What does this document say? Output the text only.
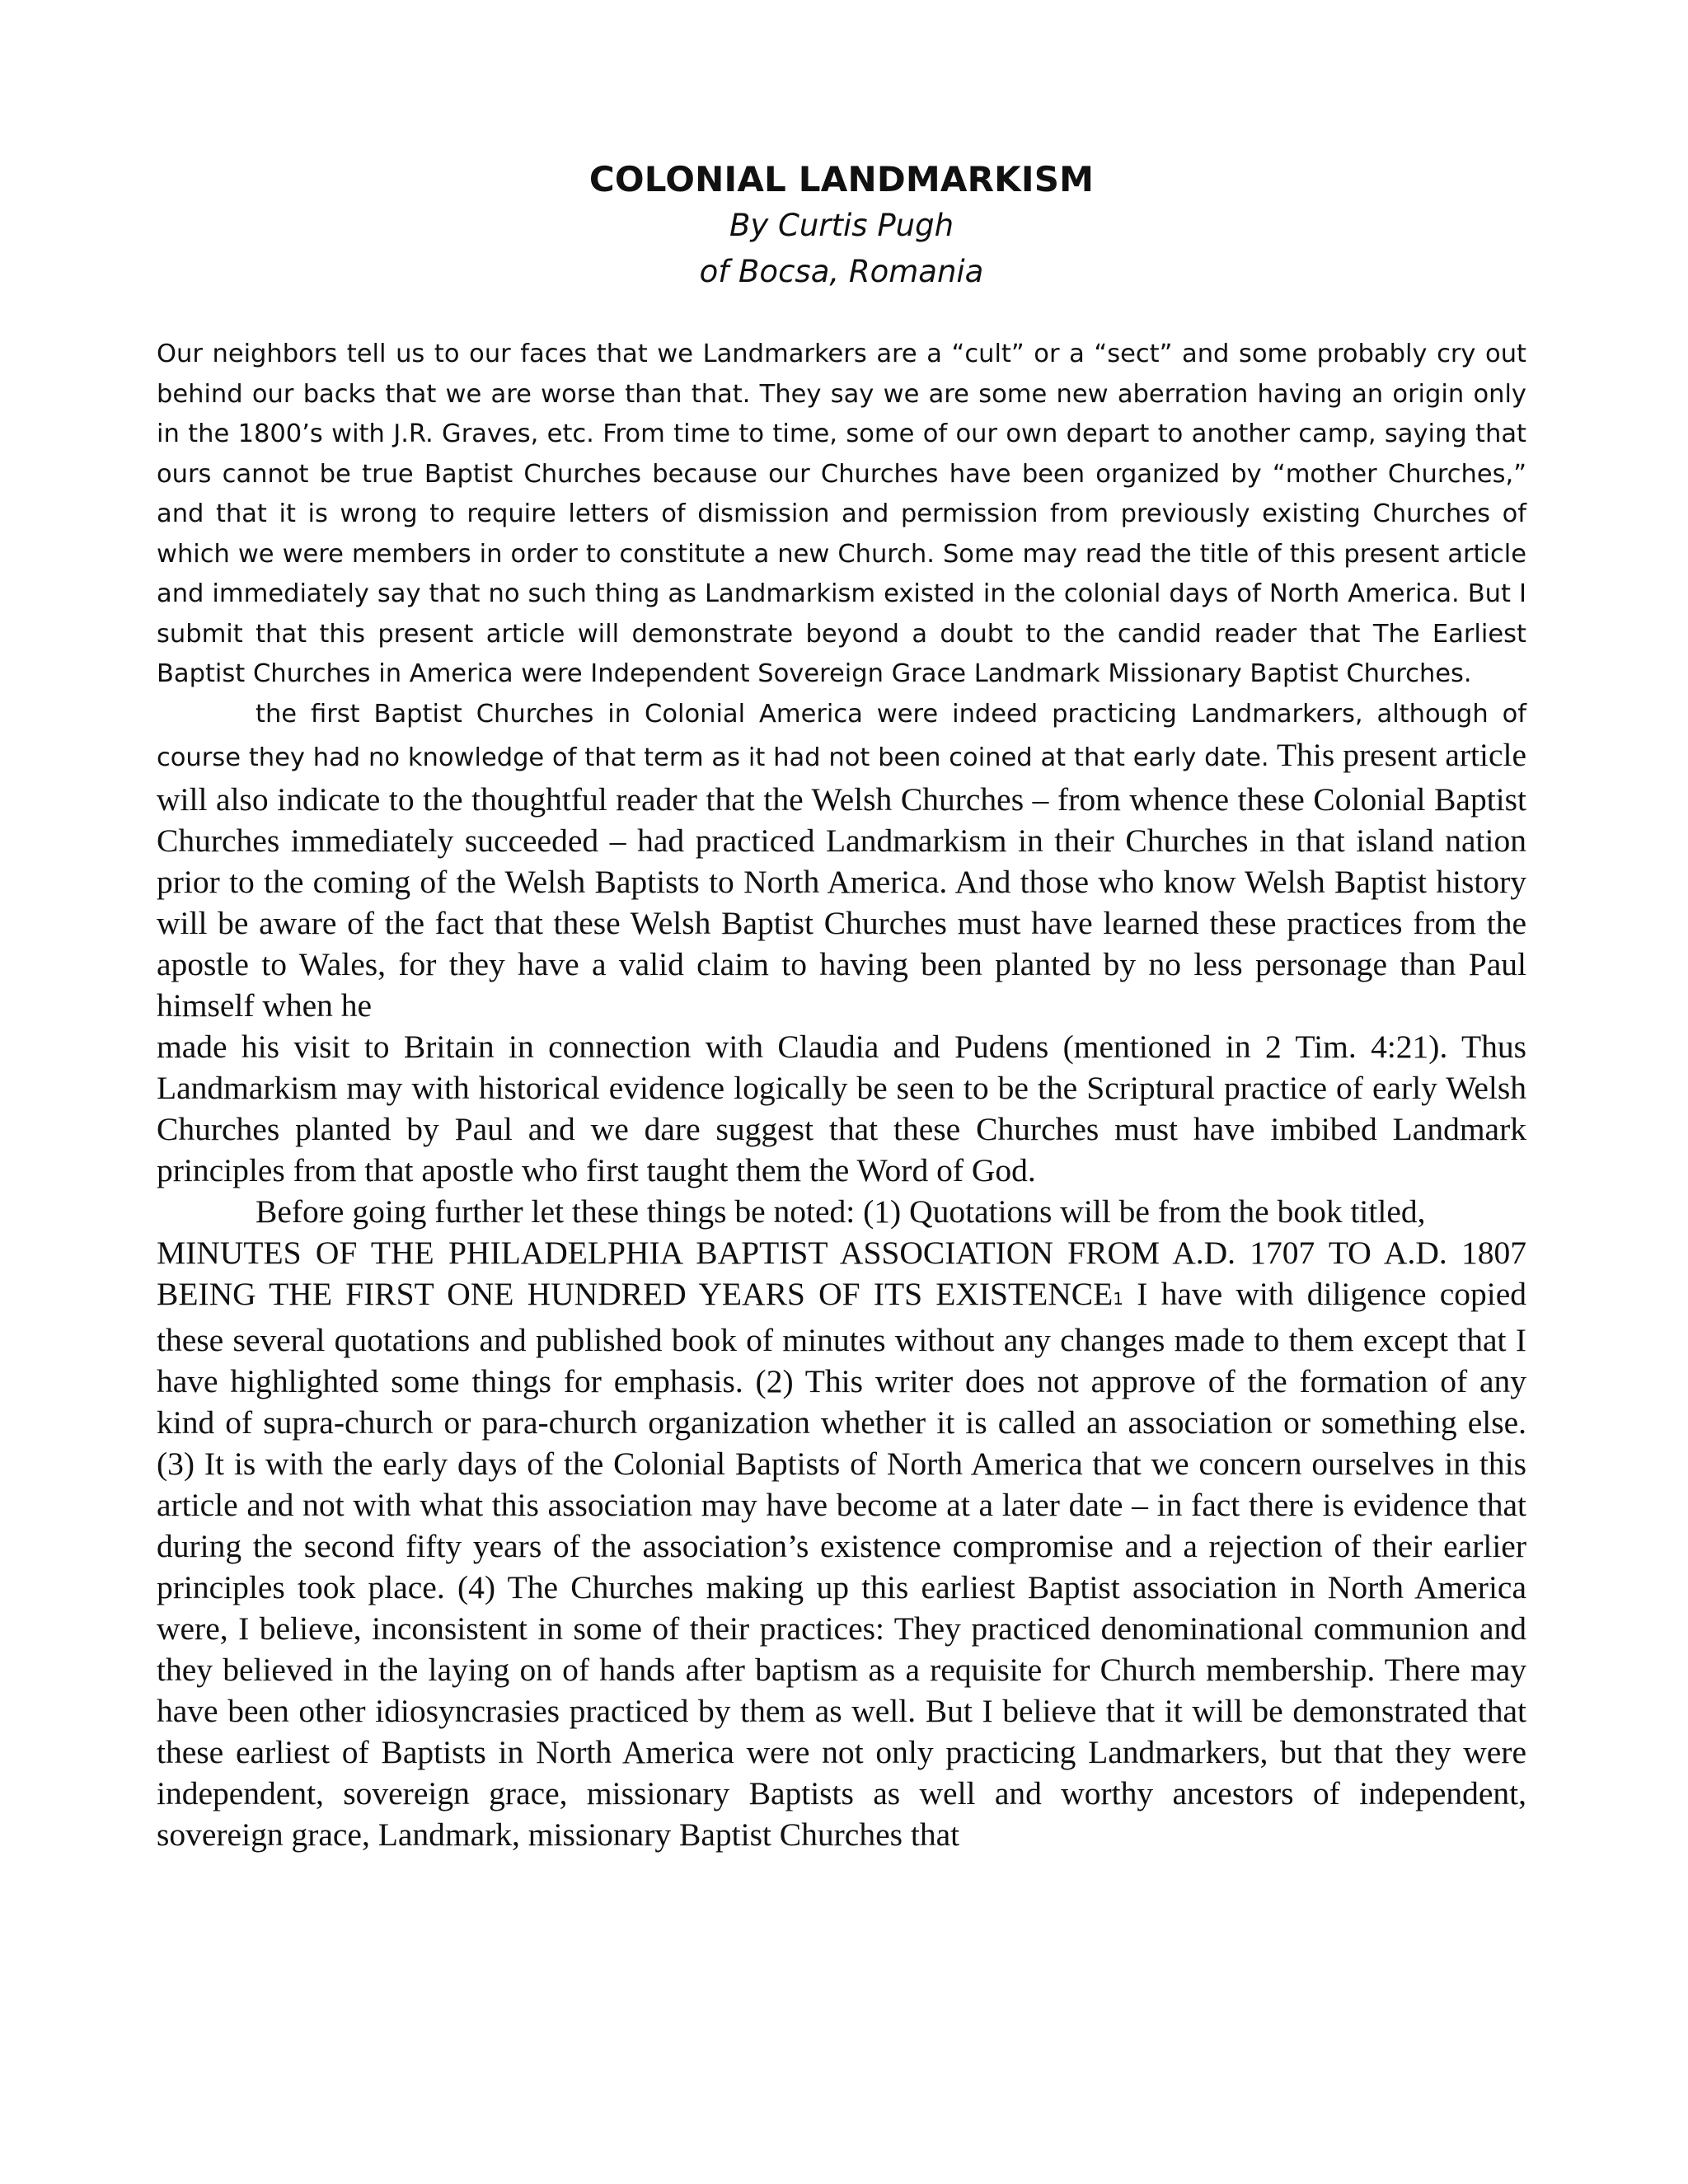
COLONIAL LANDMARKISM
By Curtis Pugh
of Bocsa, Romania

Our neighbors tell us to our faces that we Landmarkers are a “cult” or a “sect” and some probably cry out behind our backs that we are worse than that. They say we are some new aberration having an origin only in the 1800’s with J.R. Graves, etc. From time to time, some of our own depart to another camp, saying that ours cannot be true Baptist Churches because our Churches have been organized by “mother Churches,” and that it is wrong to require letters of dismission and permission from previously existing Churches of which we were members in order to constitute a new Church. Some may read the title of this present article and immediately say that no such thing as Landmarkism existed in the colonial days of North America. But I submit that this present article will demonstrate beyond a doubt to the candid reader that The Earliest Baptist Churches in America were Independent Sovereign Grace Landmark Missionary Baptist Churches.

the first Baptist Churches in Colonial America were indeed practicing Landmarkers, although of course they had no knowledge of that term as it had not been coined at that early date. This present article will also indicate to the thoughtful reader that the Welsh Churches – from whence these Colonial Baptist Churches immediately succeeded – had practiced Landmarkism in their Churches in that island nation prior to the coming of the Welsh Baptists to North America. And those who know Welsh Baptist history will be aware of the fact that these Welsh Baptist Churches must have learned these practices from the apostle to Wales, for they have a valid claim to having been planted by no less personage than Paul himself when he

made his visit to Britain in connection with Claudia and Pudens (mentioned in 2 Tim. 4:21). Thus Landmarkism may with historical evidence logically be seen to be the Scriptural practice of early Welsh Churches planted by Paul and we dare suggest that these Churches must have imbibed Landmark principles from that apostle who first taught them the Word of God.

Before going further let these things be noted: (1) Quotations will be from the book titled,

MINUTES OF THE PHILADELPHIA BAPTIST ASSOCIATION FROM A.D. 1707 TO A.D. 1807 BEING THE FIRST ONE HUNDRED YEARS OF ITS EXISTENCE1 I have with diligence copied these several quotations and published book of minutes without any changes made to them except that I have highlighted some things for emphasis. (2) This writer does not approve of the formation of any kind of supra-church or para-church organization whether it is called an association or something else. (3) It is with the early days of the Colonial Baptists of North America that we concern ourselves in this article and not with what this association may have become at a later date – in fact there is evidence that during the second fifty years of the association’s existence compromise and a rejection of their earlier principles took place. (4) The Churches making up this earliest Baptist association in North America were, I believe, inconsistent in some of their practices: They practiced denominational communion and they believed in the laying on of hands after baptism as a requisite for Church membership. There may have been other idiosyncrasies practiced by them as well. But I believe that it will be demonstrated that these earliest of Baptists in North America were not only practicing Landmarkers, but that they were independent, sovereign grace, missionary Baptists as well and worthy ancestors of independent, sovereign grace, Landmark, missionary Baptist Churches that
